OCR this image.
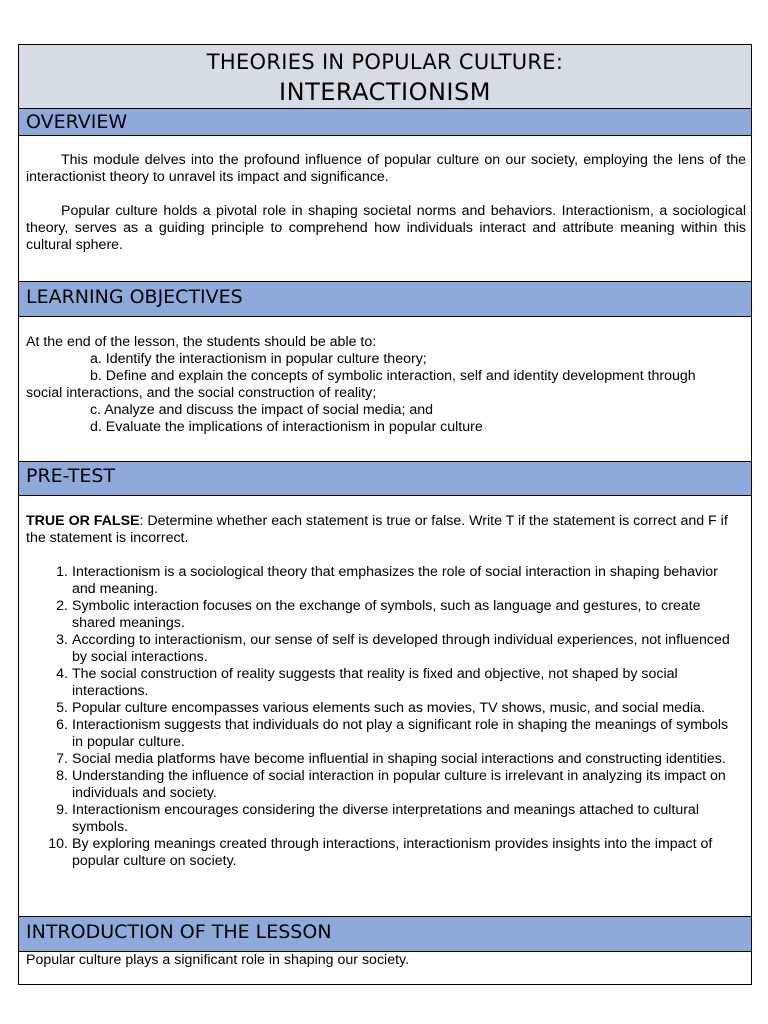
THEORIES IN POPULAR CULTURE:
INTERACTIONISM
OVERVIEW

This module delves into the profound influence of popular culture on our society, employing the lens of the interactionist theory to unravel its impact and significance.

Popular culture holds a pivotal role in shaping societal norms and behaviors. Interactionism, a sociological theory, serves as a guiding principle to comprehend how individuals interact and attribute meaning within this cultural sphere.

LEARNING OBJECTIVES
At the end of the lesson, the students should be able to:
a. Identify the interactionism in popular culture theory;
b. Define and explain the concepts of symbolic interaction, self and identity development through
social interactions, and the social construction of reality;
c. Analyze and discuss the impact of social media; and
d. Evaluate the implications of interactionism in popular culture
PRE-TEST
TRUE OR FALSE: Determine whether each statement is true or false. Write T if the statement is correct and F if the statement is incorrect.
1. Interactionism is a sociological theory that emphasizes the role of social interaction in shaping behavior and meaning.
2. Symbolic interaction focuses on the exchange of symbols, such as language and gestures, to create shared meanings.
3. According to interactionism, our sense of self is developed through individual experiences, not influenced by social interactions.
4. The social construction of reality suggests that reality is fixed and objective, not shaped by social interactions.
5. Popular culture encompasses various elements such as movies, TV shows, music, and social media.
6. Interactionism suggests that individuals do not play a significant role in shaping the meanings of symbols in popular culture.
7. Social media platforms have become influential in shaping social interactions and constructing identities.
8. Understanding the influence of social interaction in popular culture is irrelevant in analyzing its impact on individuals and society.
9. Interactionism encourages considering the diverse interpretations and meanings attached to cultural symbols.
10. By exploring meanings created through interactions, interactionism provides insights into the impact of popular culture on society.
INTRODUCTION OF THE LESSON
Popular culture plays a significant role in shaping our society.
